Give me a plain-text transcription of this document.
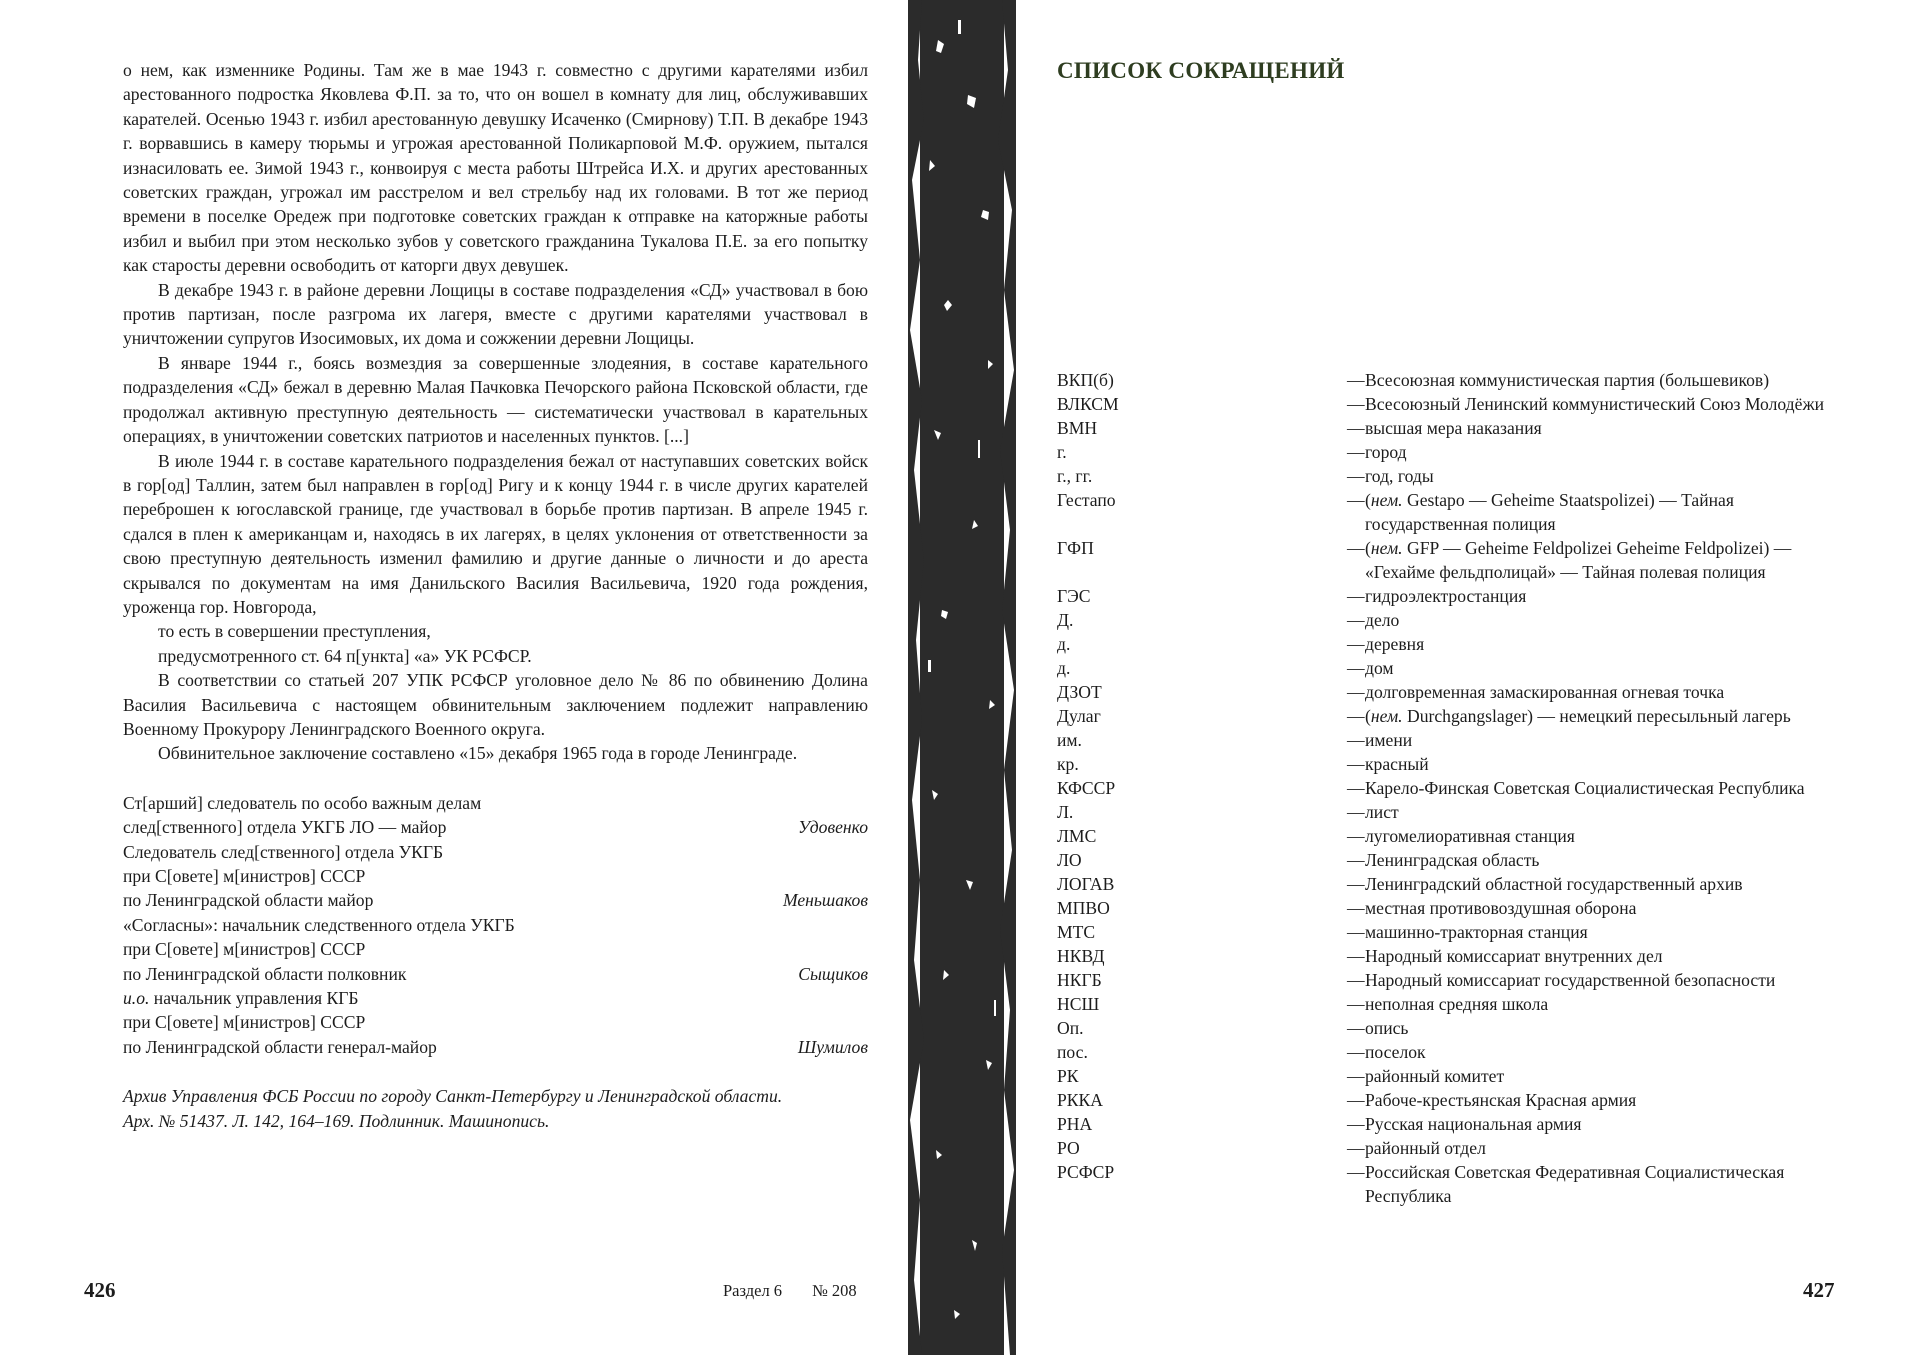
о нем, как изменнике Родины. Там же в мае 1943 г. совместно с другими карателями избил арестованного подростка Яковлева Ф.П. за то, что он вошел в комнату для лиц, обслуживавших карателей. Осенью 1943 г. избил арестованную девушку Исаченко (Смирнову) Т.П. В декабре 1943 г. ворвавшись в камеру тюрьмы и угрожая арестованной Поликарповой М.Ф. оружием, пытался изнасиловать ее. Зимой 1943 г., конвоируя с места работы Штрейса И.Х. и других арестованных советских граждан, угрожал им расстрелом и вел стрельбу над их головами. В тот же период времени в поселке Оредеж при подготовке советских граждан к отправке на каторжные работы избил и выбил при этом несколько зубов у советского гражданина Тукалова П.Е. за его попытку как старосты деревни освободить от каторги двух девушек.

В декабре 1943 г. в районе деревни Лощицы в составе подразделения «СД» участвовал в бою против партизан, после разгрома их лагеря, вместе с другими карателями участвовал в уничтожении супругов Изосимовых, их дома и сожжении деревни Лощицы.

В январе 1944 г., боясь возмездия за совершенные злодеяния, в составе карательного подразделения «СД» бежал в деревню Малая Пачковка Печорского района Псковской области, где продолжал активную преступную деятельность — систематически участвовал в карательных операциях, в уничтожении советских патриотов и населенных пунктов. [...]

В июле 1944 г. в составе карательного подразделения бежал от наступавших советских войск в гор[од] Таллин, затем был направлен в гор[од] Ригу и к концу 1944 г. в числе других карателей переброшен к югославской границе, где участвовал в борьбе против партизан. В апреле 1945 г. сдался в плен к американцам и, находясь в их лагерях, в целях уклонения от ответственности за свою преступную деятельность изменил фамилию и другие данные о личности и до ареста скрывался по документам на имя Данильского Василия Васильевича, 1920 года рождения, уроженца гор. Новгорода,

то есть в совершении преступления,
предусмотренного ст. 64 п[ункта] «а» УК РСФСР.

В соответствии со статьей 207 УПК РСФСР уголовное дело № 86 по обвинению Долина Василия Васильевича с настоящем обвинительным заключением подлежит направлению Военному Прокурору Ленинградского Военного округа.

Обвинительное заключение составлено «15» декабря 1965 года в городе Ленинграде.

Ст[арший] следователь по особо важным делам
след[ственного] отдела УКГБ ЛО — майор	Удовенко
Следователь след[ственного] отдела УКГБ
при С[овете] м[инистров] СССР
по Ленинградской области майор	Меньшаков
«Согласны»: начальник следственного отдела УКГБ
при С[овете] м[инистров] СССР
по Ленинградской области полковник	Сыщиков
и.о. начальник управления КГБ
при С[овете] м[инистров] СССР
по Ленинградской области генерал-майор	Шумилов
Архив Управления ФСБ России по городу Санкт-Петербургу и Ленинградской области.
Арх. № 51437. Л. 142, 164–169. Подлинник. Машинопись.
426	Раздел 6 № 208
СПИСОК СОКРАЩЕНИЙ
ВКП(б)	— Всесоюзная коммунистическая партия (большевиков)
ВЛКСМ	— Всесоюзный Ленинский коммунистический Союз Молодёжи
ВМН	— высшая мера наказания
г.	— город
г., гг.	— год, годы
Гестапо	— (нем. Gestapo — Geheime Staatspolizei) — Тайная государственная полиция
ГФП	— (нем. GFP — Geheime Feldpolizei Geheime Feldpolizei) — «Гехайме фельдполицай» — Тайная полевая полиция
ГЭС	— гидроэлектростанция
Д.	— дело
д.	— деревня
д.	— дом
ДЗОТ	— долговременная замаскированная огневая точка
Дулаг	— (нем. Durchgangslager) — немецкий пересыльный лагерь
им.	— имени
кр.	— красный
КФССР	— Карело-Финская Советская Социалистическая Республика
Л.	— лист
ЛМС	— лугомелиоративная станция
ЛО	— Ленинградская область
ЛОГАВ	— Ленинградский областной государственный архив
МПВО	— местная противовоздушная оборона
МТС	— машинно-тракторная станция
НКВД	— Народный комиссариат внутренних дел
НКГБ	— Народный комиссариат государственной безопасности
НСШ	— неполная средняя школа
Оп.	— опись
пос.	— поселок
РК	— районный комитет
РККА	— Рабоче-крестьянская Красная армия
РНА	— Русская национальная армия
РО	— районный отдел
РСФСР	— Российская Советская Федеративная Социалистическая Республика
427
